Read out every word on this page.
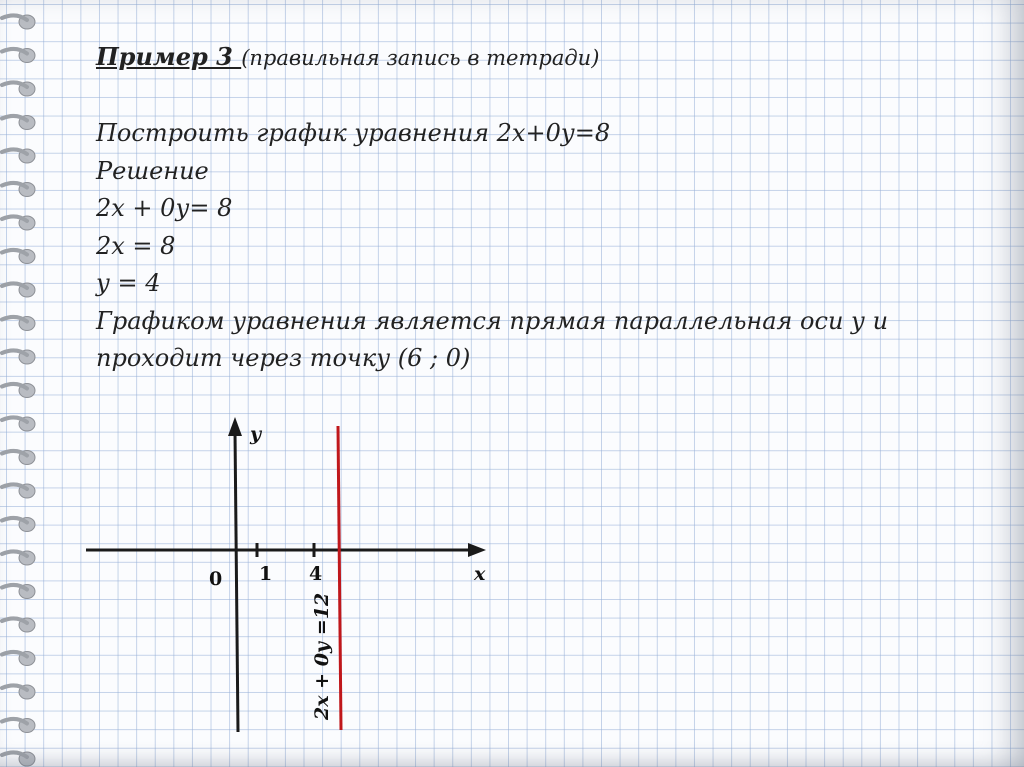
Пример 3 (правильная запись в тетради)
Построить график уравнения 2х+0у=8
Решение
2х + 0у= 8
2х = 8
у = 4
Графиком уравнения является прямая параллельная оси у и
проходит через точку (6 ; 0)
у
х
0 1 4
2х + 0у =12
